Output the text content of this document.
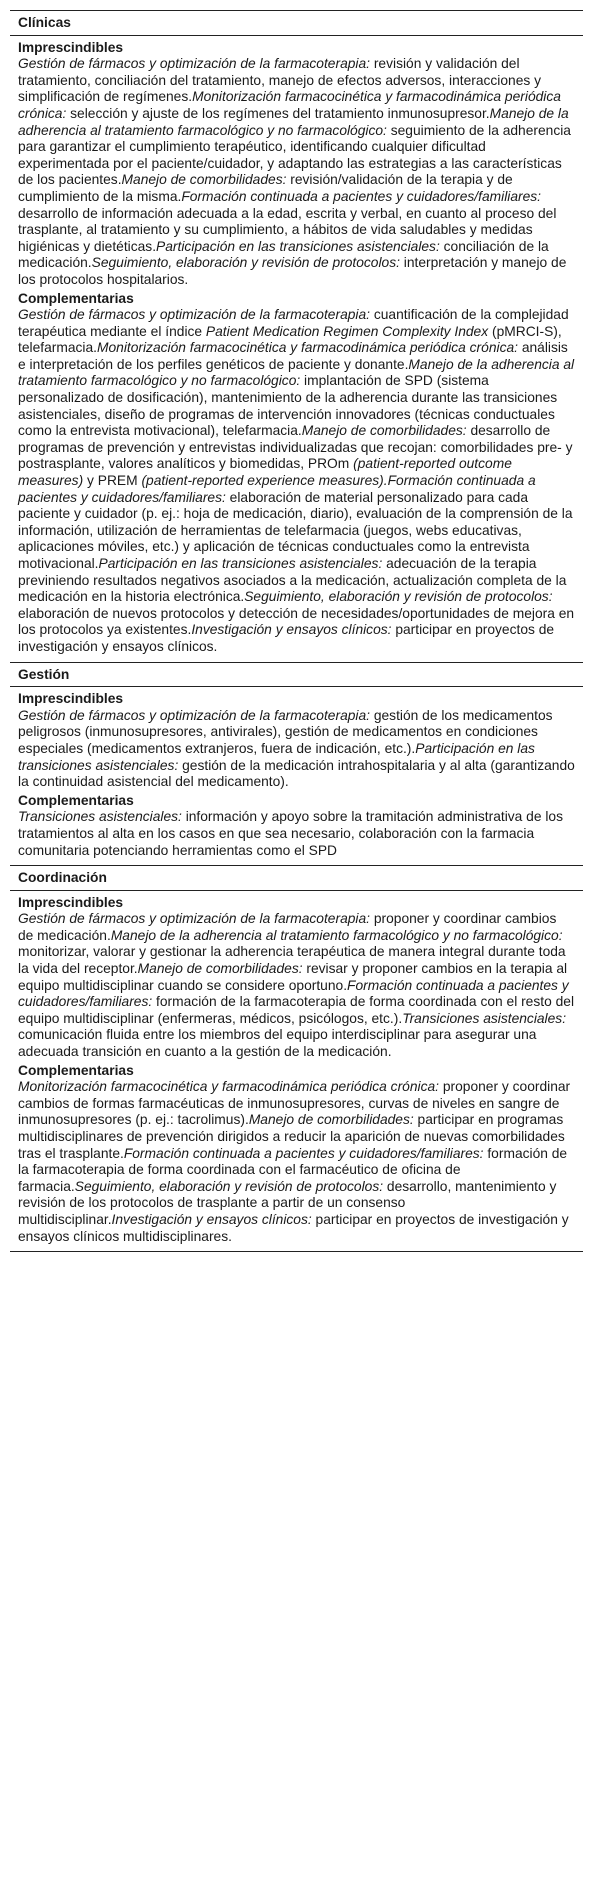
Clínicas
Imprescindibles
Gestión de fármacos y optimización de la farmacoterapia: revisión y validación del tratamiento, conciliación del tratamiento, manejo de efectos adversos, interacciones y simplificación de regímenes.Monitorización farmacocinética y farmacodinámica periódica crónica: selección y ajuste de los regímenes del tratamiento inmunosupresor.Manejo de la adherencia al tratamiento farmacológico y no farmacológico: seguimiento de la adherencia para garantizar el cumplimiento terapéutico, identificando cualquier dificultad experimentada por el paciente/cuidador, y adaptando las estrategias a las características de los pacientes.Manejo de comorbilidades: revisión/validación de la terapia y de cumplimiento de la misma.Formación continuada a pacientes y cuidadores/familiares: desarrollo de información adecuada a la edad, escrita y verbal, en cuanto al proceso del trasplante, al tratamiento y su cumplimiento, a hábitos de vida saludables y medidas higiénicas y dietéticas.Participación en las transiciones asistenciales: conciliación de la medicación.Seguimiento, elaboración y revisión de protocolos: interpretación y manejo de los protocolos hospitalarios.
Complementarias
Gestión de fármacos y optimización de la farmacoterapia: cuantificación de la complejidad terapéutica mediante el índice Patient Medication Regimen Complexity Index (pMRCI-S), telefarmacia.Monitorización farmacocinética y farmacodinámica periódica crónica: análisis e interpretación de los perfiles genéticos de paciente y donante.Manejo de la adherencia al tratamiento farmacológico y no farmacológico: implantación de SPD (sistema personalizado de dosificación), mantenimiento de la adherencia durante las transiciones asistenciales, diseño de programas de intervención innovadores (técnicas conductuales como la entrevista motivacional), telefarmacia.Manejo de comorbilidades: desarrollo de programas de prevención y entrevistas individualizadas que recojan: comorbilidades pre- y postrasplante, valores analíticos y biomedidas, PROm (patient-reported outcome measures) y PREM (patient-reported experience measures).Formación continuada a pacientes y cuidadores/familiares: elaboración de material personalizado para cada paciente y cuidador (p. ej.: hoja de medicación, diario), evaluación de la comprensión de la información, utilización de herramientas de telefarmacia (juegos, webs educativas, aplicaciones móviles, etc.) y aplicación de técnicas conductuales como la entrevista motivacional.Participación en las transiciones asistenciales: adecuación de la terapia previniendo resultados negativos asociados a la medicación, actualización completa de la medicación en la historia electrónica.Seguimiento, elaboración y revisión de protocolos: elaboración de nuevos protocolos y detección de necesidades/oportunidades de mejora en los protocolos ya existentes.Investigación y ensayos clínicos: participar en proyectos de investigación y ensayos clínicos.
Gestión
Imprescindibles
Gestión de fármacos y optimización de la farmacoterapia: gestión de los medicamentos peligrosos (inmunosupresores, antivirales), gestión de medicamentos en condiciones especiales (medicamentos extranjeros, fuera de indicación, etc.).Participación en las transiciones asistenciales: gestión de la medicación intrahospitalaria y al alta (garantizando la continuidad asistencial del medicamento).
Complementarias
Transiciones asistenciales: información y apoyo sobre la tramitación administrativa de los tratamientos al alta en los casos en que sea necesario, colaboración con la farmacia comunitaria potenciando herramientas como el SPD
Coordinación
Imprescindibles
Gestión de fármacos y optimización de la farmacoterapia: proponer y coordinar cambios de medicación.Manejo de la adherencia al tratamiento farmacológico y no farmacológico: monitorizar, valorar y gestionar la adherencia terapéutica de manera integral durante toda la vida del receptor.Manejo de comorbilidades: revisar y proponer cambios en la terapia al equipo multidisciplinar cuando se considere oportuno.Formación continuada a pacientes y cuidadores/familiares: formación de la farmacoterapia de forma coordinada con el resto del equipo multidisciplinar (enfermeras, médicos, psicólogos, etc.).Transiciones asistenciales: comunicación fluida entre los miembros del equipo interdisciplinar para asegurar una adecuada transición en cuanto a la gestión de la medicación.
Complementarias
Monitorización farmacocinética y farmacodinámica periódica crónica: proponer y coordinar cambios de formas farmacéuticas de inmunosupresores, curvas de niveles en sangre de inmunosupresores (p. ej.: tacrolimus).Manejo de comorbilidades: participar en programas multidisciplinares de prevención dirigidos a reducir la aparición de nuevas comorbilidades tras el trasplante.Formación continuada a pacientes y cuidadores/familiares: formación de la farmacoterapia de forma coordinada con el farmacéutico de oficina de farmacia.Seguimiento, elaboración y revisión de protocolos: desarrollo, mantenimiento y revisión de los protocolos de trasplante a partir de un consenso multidisciplinar.Investigación y ensayos clínicos: participar en proyectos de investigación y ensayos clínicos multidisciplinares.
